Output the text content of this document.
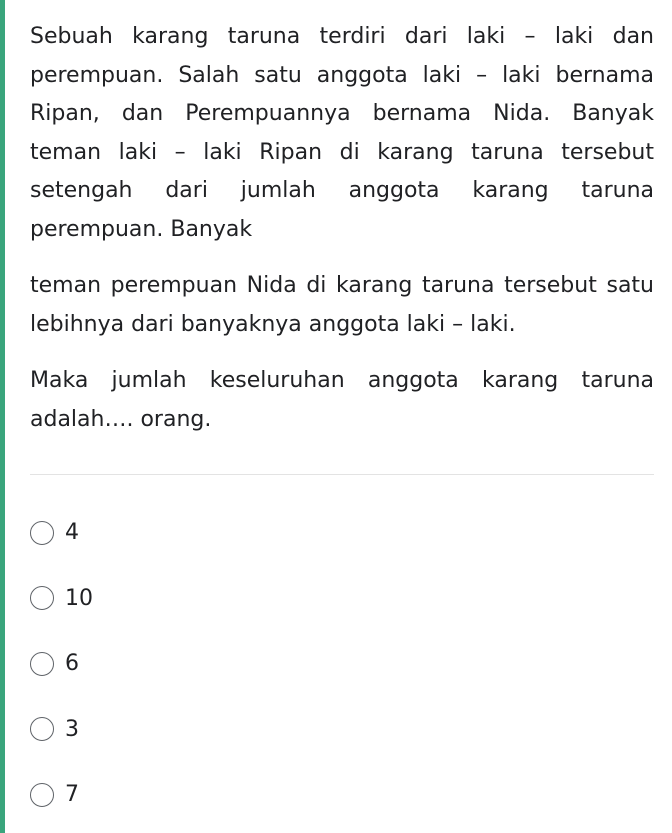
Sebuah karang taruna terdiri dari laki – laki dan perempuan. Salah satu anggota laki – laki bernama Ripan, dan Perempuannya bernama Nida. Banyak teman laki – laki Ripan di karang taruna tersebut setengah dari jumlah anggota karang taruna perempuan. Banyak

teman perempuan Nida di karang taruna tersebut satu lebihnya dari banyaknya anggota laki – laki.

Maka jumlah keseluruhan anggota karang taruna adalah…. orang.

4
10
6
3
7
